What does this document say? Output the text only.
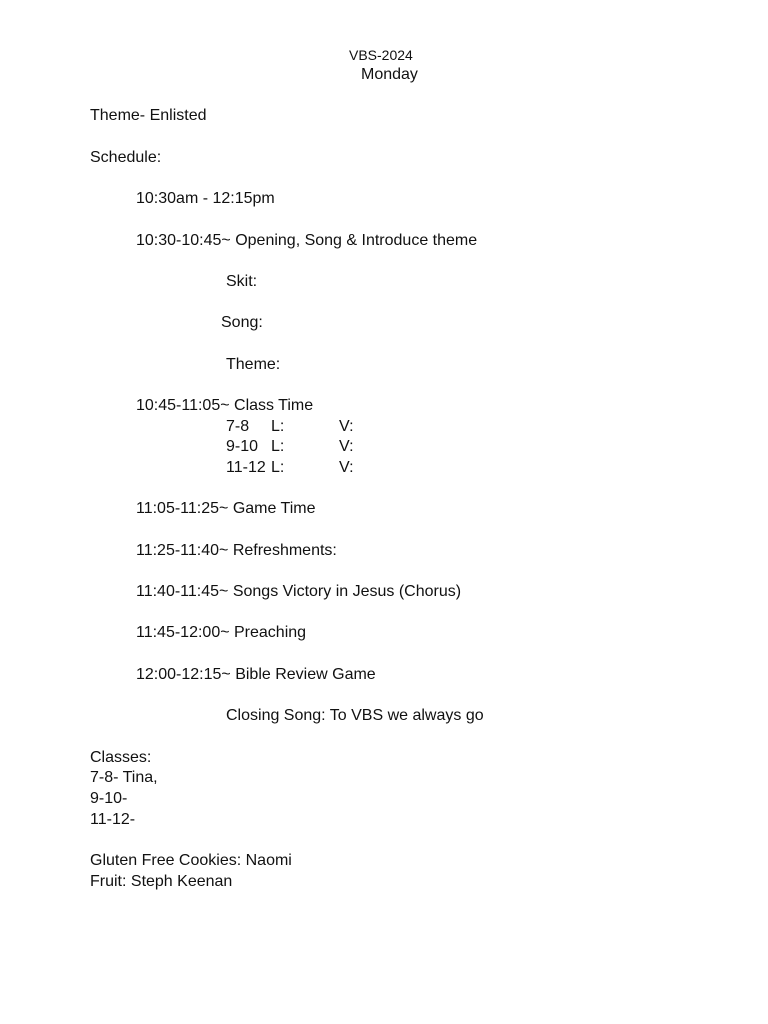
VBS-2024
Monday
Theme- Enlisted
Schedule:
10:30am - 12:15pm
10:30-10:45~ Opening, Song & Introduce theme
Skit:
Song:
Theme:
10:45-11:05~ Class Time
7-8 L:	V:
9-10 L:	V:
11-12 L:	V:
11:05-11:25~ Game Time
11:25-11:40~ Refreshments:
11:40-11:45~ Songs Victory in Jesus (Chorus)
11:45-12:00~ Preaching
12:00-12:15~ Bible Review Game
Closing Song: To VBS we always go
Classes:
7-8- Tina,
9-10-
11-12-
Gluten Free Cookies: Naomi
Fruit: Steph Keenan
